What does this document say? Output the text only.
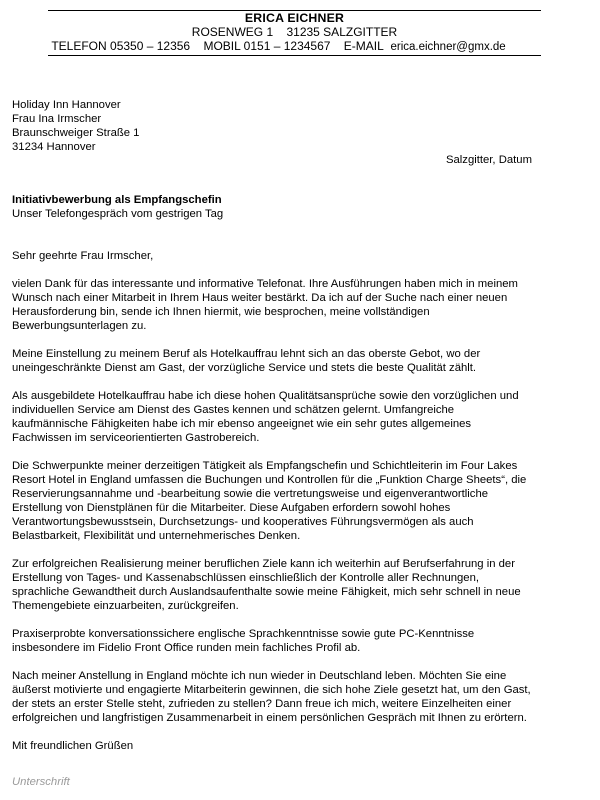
ERICA EICHNER
ROSENWEG 1    31235 SALZGITTER
TELEFON 05350 – 12356 MOBIL 0151 – 1234567 E-MAIL erica.eichner@gmx.de
Holiday Inn Hannover
Frau Ina Irmscher
Braunschweiger Straße 1
31234 Hannover
Salzgitter, Datum
Initiativbewerbung als Empfangschefin
Unser Telefongespräch vom gestrigen Tag

Sehr geehrte Frau Irmscher,

vielen Dank für das interessante und informative Telefonat. Ihre Ausführungen haben mich in meinem Wunsch nach einer Mitarbeit in Ihrem Haus weiter bestärkt. Da ich auf der Suche nach einer neuen Herausforderung bin, sende ich Ihnen hiermit, wie besprochen, meine vollständigen Bewerbungsunterlagen zu.

Meine Einstellung zu meinem Beruf als Hotelkauffrau lehnt sich an das oberste Gebot, wo der uneingeschränkte Dienst am Gast, der vorzügliche Service und stets die beste Qualität zählt.

Als ausgebildete Hotelkauffrau habe ich diese hohen Qualitätsansprüche sowie den vorzüglichen und individuellen Service am Dienst des Gastes kennen und schätzen gelernt. Umfangreiche kaufmännische Fähigkeiten habe ich mir ebenso angeeignet wie ein sehr gutes allgemeines Fachwissen im serviceorientierten Gastrobereich.

Die Schwerpunkte meiner derzeitigen Tätigkeit als Empfangschefin und Schichtleiterin im Four Lakes Resort Hotel in England umfassen die Buchungen und Kontrollen für die „Funktion Charge Sheets“, die Reservierungsannahme und -bearbeitung sowie die vertretungsweise und eigenverantwortliche Erstellung von Dienstplänen für die Mitarbeiter. Diese Aufgaben erfordern sowohl hohes Verantwortungsbewusstsein, Durchsetzungs- und kooperatives Führungsvermögen als auch Belastbarkeit, Flexibilität und unternehmerisches Denken.

Zur erfolgreichen Realisierung meiner beruflichen Ziele kann ich weiterhin auf Berufserfahrung in der Erstellung von Tages- und Kassenabschlüssen einschließlich der Kontrolle aller Rechnungen, sprachliche Gewandtheit durch Auslandsaufenthalte sowie meine Fähigkeit, mich sehr schnell in neue Themengebiete einzuarbeiten, zurückgreifen.

Praxiserprobte konversationssichere englische Sprachkenntnisse sowie gute PC-Kenntnisse insbesondere im Fidelio Front Office runden mein fachliches Profil ab.

Nach meiner Anstellung in England möchte ich nun wieder in Deutschland leben. Möchten Sie eine äußerst motivierte und engagierte Mitarbeiterin gewinnen, die sich hohe Ziele gesetzt hat, um den Gast, der stets an erster Stelle steht, zufrieden zu stellen? Dann freue ich mich, weitere Einzelheiten einer erfolgreichen und langfristigen Zusammenarbeit in einem persönlichen Gespräch mit Ihnen zu erörtern.

Mit freundlichen Grüßen

Unterschrift
